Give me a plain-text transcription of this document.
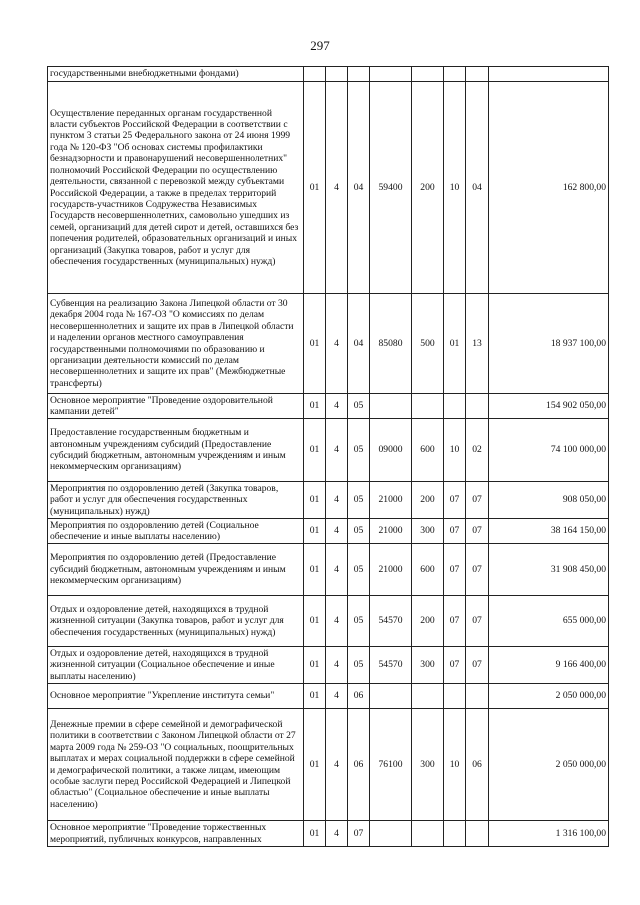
297
государственными внебюджетными фондами)								
Осуществление переданных органам государственной власти субъектов Российской Федерации в соответствии с пунктом 3 статьи 25 Федерального закона от 24 июня 1999 года № 120-ФЗ "Об основах системы профилактики безнадзорности и правонарушений несовершеннолетних" полномочий Российской Федерации по осуществлению деятельности, связанной с перевозкой между субъектами Российской Федерации, а также в пределах территорий государств-участников Содружества Независимых Государств несовершеннолетних, самовольно ушедших из семей, организаций для детей сирот и детей, оставшихся без попечения родителей, образовательных организаций и иных организаций (Закупка товаров, работ и услуг для обеспечения государственных (муниципальных) нужд)	01	4	04	59400	200	10	04	162 800,00
Субвенция на реализацию Закона Липецкой области от 30 декабря 2004 года № 167-ОЗ "О комиссиях по делам несовершеннолетних и защите их прав в Липецкой области и наделении органов местного самоуправления государственными полномочиями по образованию и организации деятельности комиссий по делам несовершеннолетних и защите их прав" (Межбюджетные трансферты)	01	4	04	85080	500	01	13	18 937 100,00
Основное мероприятие "Проведение оздоровительной кампании детей"	01	4	05					154 902 050,00
Предоставление государственным бюджетным и автономным учреждениям субсидий (Предоставление субсидий бюджетным, автономным учреждениям и иным некоммерческим организациям)	01	4	05	09000	600	10	02	74 100 000,00
Мероприятия по оздоровлению детей (Закупка товаров, работ и услуг для обеспечения государственных (муниципальных) нужд)	01	4	05	21000	200	07	07	908 050,00
Мероприятия по оздоровлению детей (Социальное обеспечение и иные выплаты населению)	01	4	05	21000	300	07	07	38 164 150,00
Мероприятия по оздоровлению детей (Предоставление субсидий бюджетным, автономным учреждениям и иным некоммерческим организациям)	01	4	05	21000	600	07	07	31 908 450,00
Отдых и оздоровление детей, находящихся в трудной жизненной ситуации (Закупка товаров, работ и услуг для обеспечения государственных (муниципальных) нужд)	01	4	05	54570	200	07	07	655 000,00
Отдых и оздоровление детей, находящихся в трудной жизненной ситуации (Социальное обеспечение и иные выплаты населению)	01	4	05	54570	300	07	07	9 166 400,00
Основное мероприятие "Укрепление института семьи"	01	4	06					2 050 000,00
Денежные премии в сфере семейной и демографической политики в соответствии с Законом Липецкой области от 27 марта 2009 года № 259-ОЗ "О социальных, поощрительных выплатах и мерах социальной поддержки в сфере семейной и демографической политики, а также лицам, имеющим особые заслуги перед Российской Федерацией и Липецкой областью" (Социальное обеспечение и иные выплаты населению)	01	4	06	76100	300	10	06	2 050 000,00
Основное мероприятие "Проведение торжественных мероприятий, публичных конкурсов, направленных	01	4	07					1 316 100,00
